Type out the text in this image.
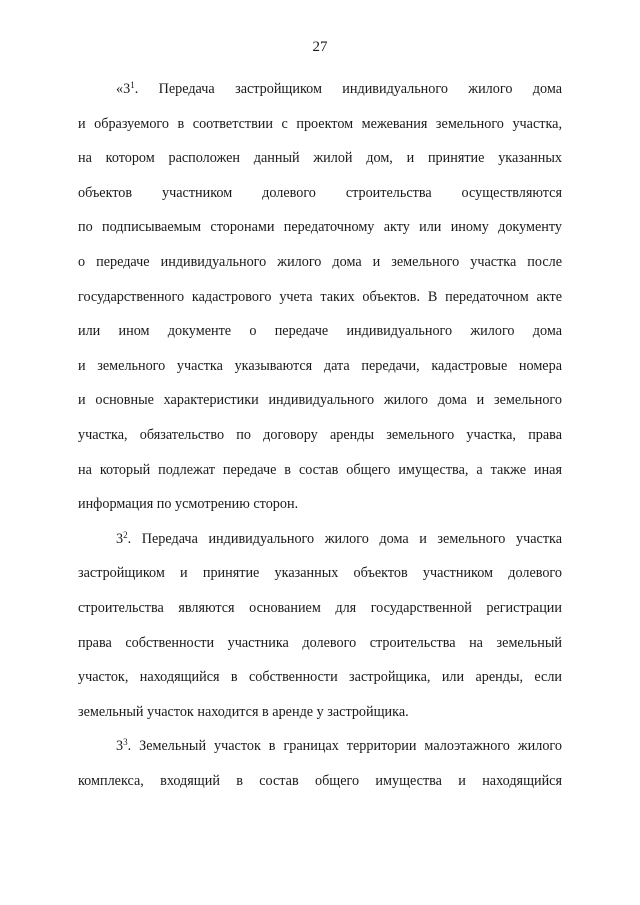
27
«$3^1$. Передача застройщиком индивидуального жилого дома
и образуемого в соответствии с проектом межевания земельного участка,
на котором расположен данный жилой дом, и принятие указанных
объектов участником долевого строительства осуществляются
по подписываемым сторонами передаточному акту или иному документу
о передаче индивидуального жилого дома и земельного участка после
государственного кадастрового учета таких объектов. В передаточном акте
или ином документе о передаче индивидуального жилого дома
и земельного участка указываются дата передачи, кадастровые номера
и основные характеристики индивидуального жилого дома и земельного
участка, обязательство по договору аренды земельного участка, права
на который подлежат передаче в состав общего имущества, а также иная
информация по усмотрению сторон.
$3^2$. Передача индивидуального жилого дома и земельного участка
застройщиком и принятие указанных объектов участником долевого
строительства являются основанием для государственной регистрации
права собственности участника долевого строительства на земельный
участок, находящийся в собственности застройщика, или аренды, если
земельный участок находится в аренде у застройщика.
$3^3$. Земельный участок в границах территории малоэтажного жилого
комплекса, входящий в состав общего имущества и находящийся
